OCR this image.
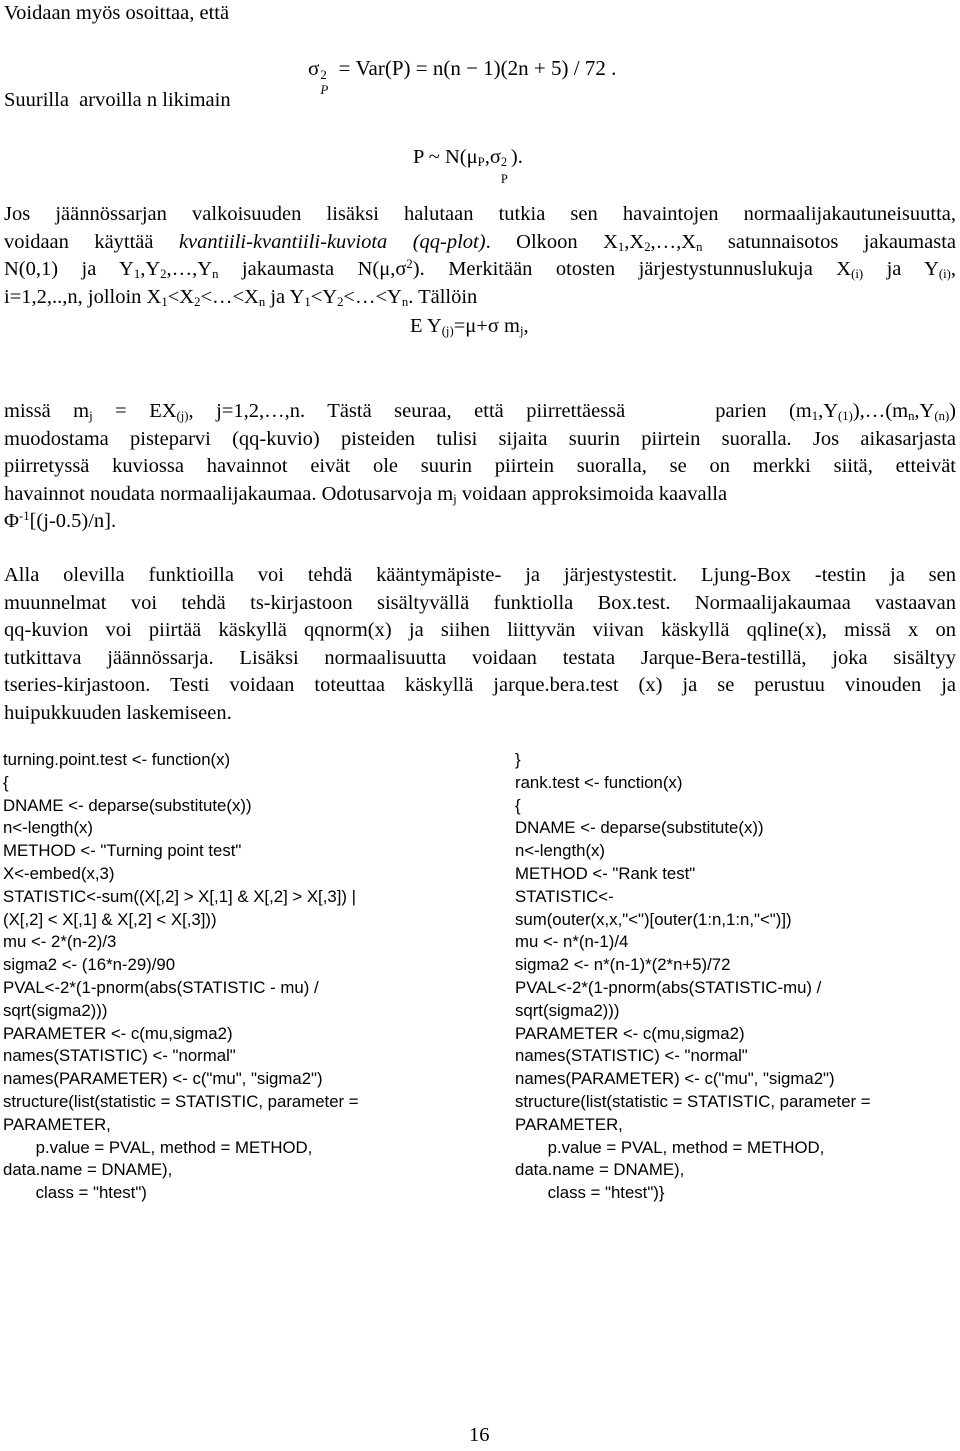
Voidaan myös osoittaa, että
Suurilla  arvoilla n likimain
σ 2
P
= Var(P) = n(n − 1)(2n + 5) / 72 .
P ~ $N(\mu_P,\sigma$ 2
P
).
Jos jäännössarjan valkoisuuden lisäksi halutaan tutkia sen havaintojen normaalijakautuneisuutta,
voidaan käyttää kvantiili-kvantiili-kuviota (qq-plot). Olkoon $X_1,X_2,\dots,X_n$ satunnaisotos jakaumasta
N(0,1) ja $Y_1,Y_2,\dots,Y_n$ jakaumasta $N(\mu,\sigma^2)$. Merkitään otosten järjestystunnuslukuja $X_{(i)}$ ja $Y_{(i)}$,
i=1,2,..,n, jolloin $X_1<X_2<\dots<X_n$ ja $Y_1<Y_2<\dots<Y_n$. Tällöin
E $Y_{(j)}=\mu+\sigma$ $m_j$,
missä $m_j = EX_{(j)}$, j=1,2,…,n. Tästä seuraa, että piirrettäessä    parien $(m_1,Y_{(1)}),\dots(m_n,Y_{(n)})$
muodostama pisteparvi (qq-kuvio) pisteiden tulisi sijaita suurin piirtein suoralla. Jos aikasarjasta
piirretyssä kuviossa havainnot eivät ole suurin piirtein suoralla, se on merkki siitä, etteivät
havainnot noudata normaalijakaumaa. Odotusarvoja $m_j$ voidaan approksimoida kaavalla
$\Phi^{-1}[(j-0.5)/n]$.
Alla olevilla funktioilla voi tehdä kääntymäpiste- ja järjestystestit. Ljung-Box -testin ja sen
muunnelmat voi tehdä ts-kirjastoon sisältyvällä funktiolla Box.test. Normaalijakaumaa vastaavan
qq-kuvion voi piirtää käskyllä qqnorm(x) ja siihen liittyvän viivan käskyllä qqline(x), missä x on
tutkittava jäännössarja. Lisäksi normaalisuutta voidaan testata Jarque-Bera-testillä, joka sisältyy
tseries-kirjastoon. Testi voidaan toteuttaa käskyllä jarque.bera.test (x) ja se perustuu vinouden ja
huipukkuuden laskemiseen.
turning.point.test <- function(x)
{
DNAME <- deparse(substitute(x))
n<-length(x)
METHOD <- "Turning point test"
X<-embed(x,3)
STATISTIC<-sum((X[,2] > X[,1] & X[,2] > X[,3]) |
(X[,2] < X[,1] & X[,2] < X[,3]))
mu <- 2*(n-2)/3
sigma2 <- (16*n-29)/90
PVAL<-2*(1-pnorm(abs(STATISTIC - mu) /
sqrt(sigma2)))
PARAMETER <- c(mu,sigma2)
names(STATISTIC) <- "normal"
names(PARAMETER) <- c("mu", "sigma2")
structure(list(statistic = STATISTIC, parameter =
PARAMETER,
p.value = PVAL, method = METHOD,
data.name = DNAME),
class = "htest")
}
rank.test <- function(x)
{
DNAME <- deparse(substitute(x))
n<-length(x)
METHOD <- "Rank test"
STATISTIC<-
sum(outer(x,x,"<")[outer(1:n,1:n,"<")])
mu <- n*(n-1)/4
sigma2 <- n*(n-1)*(2*n+5)/72
PVAL<-2*(1-pnorm(abs(STATISTIC-mu) /
sqrt(sigma2)))
PARAMETER <- c(mu,sigma2)
names(STATISTIC) <- "normal"
names(PARAMETER) <- c("mu", "sigma2")
structure(list(statistic = STATISTIC, parameter =
PARAMETER,
p.value = PVAL, method = METHOD,
data.name = DNAME),
class = "htest")}
16
